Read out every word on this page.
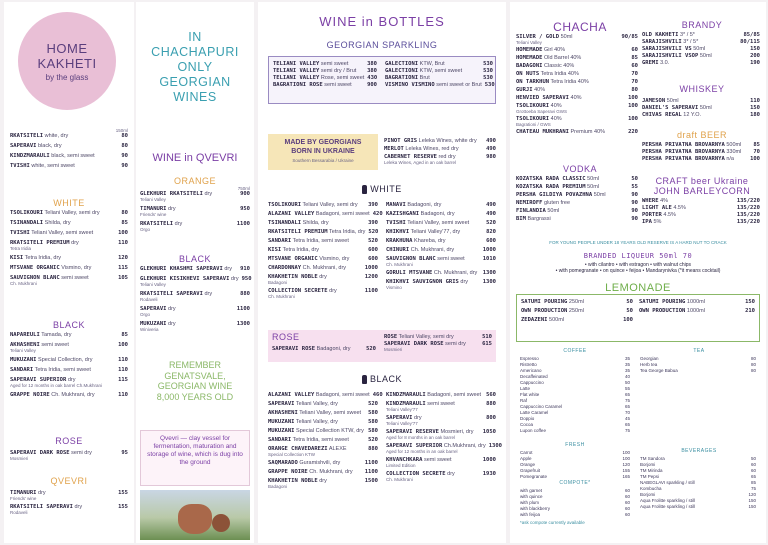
HOME
KAKHETI
by the glass
150ml
RKATSITELI white, dry	80
SAPERAVI black, dry	80
KINDZMARAULI black, semi sweet	90
TVISHI white, semi sweet	90
WHITE
TSOLIKOURI Teliani Valley, semi dry	80
TSINANDALI Shilda, dry	85
TVISHI Teliani Valley, semi sweet	100
RKATSITELI PREMIUM dry	110
Tetra Iridia
KISI Tetra Iridia, dry	120
MTSVANE ORGANIC Vismino, dry	115
SAUVIGNON BLANC semi sweet	105
Ch. Mukhrani
BLACK
NAPAREULI Tamada, dry	85
AKHASHENI semi sweet	100
Teliani Valley
MUKUZANI Special Collection, dry	110
SANDARI Tetra Iridia, semi sweet	110
SAPERAVI SUPERIOR dry	115
Aged for 12 months in oak barrel Ch.Mukhrani
GRAPPE NOIRE Ch. Mukhrani, dry	110
ROSE
SAPERAVI DARK ROSE semi dry	95
Mosmieri
QVEVRI
TIMANURI dry	155
Friends' wine
RKATSITELI SAPERAVI dry	155
Rodaveli
IN
CHACHAPURI
ONLY
GEORGIAN
WINES
WINE in QVEVRI
ORANGE
750ml
GLEKHURI RKATSITELI dry	900
Teliani Valley
TIMANURI dry	950
Friends' wine
RKATSITELI dry	1100
Orgo
BLACK
GLEKHURI KHASHMI SAPERAVI dry 910
GLEKHURI KISIKHEVI SAPERAVI dry 950
Teliani Valley
RKATSITELI SAPERAVI dry	880
Rodaveli
SAPERAVI dry	1100
Orgo
MUKUZANI dry	1300
Winiveria
REMEMBER
GENATSVALE,
GEORGIAN WINE
8,000 YEARS OLD
Qvevri — clay vessel for fermentation, maturation and storage of wine, which is dug into the ground
WINE in BOTTLES
GEORGIAN SPARKLING
TELIANI VALLEY semi sweet	380
TELIANI VALLEY semi dry / Brut 380
TELIANI VALLEY Rose, semi sweet 430
BAGRATIONI ROSE semi sweet	900
GALECTIONI KTW, Brut	530
GALECTIONI KTW, semi sweet	530
BAGRATIONI Brut	530
VISMINO VISMINO semi sweet or Brut 530
MADE BY GEORGIANS
BORN IN UKRAINE
Southern Bessarabia / Ukraine
PINOT GRIS Leleka Wines, white dry 490
MERLOT Leleka Wines, red dry	490
CABERNET RESERVE red dry	980
Leleka Wines, Aged in an oak barrel
WHITE
TSOLIKOURI Teliani Valley, semi dry 390
ALAZANI VALLEY Badagoni, semi sweet 420
TSINANDALI Shilda, dry	390
RKATSITELI PREMIUM Tetra Iridia, dry 520
SANDARI Tetra Iridia, semi sweet	520
KISI Tetra Iridia, dry	600
MTSVANE ORGANIC Vismino, dry	600
CHARDONNAY Ch. Mukhrani, dry	1000
KHAKHETIN NOBLE dry	1200
Badagoni
COLLECTION SECRETE dry	1100
Ch. Mukhrani
MANAVI Badagoni, dry	490
KAZISHGANI Badagoni, dry	490
TVISHI Teliani Valley, semi sweet	520
KHIKHVI Teliani Valley'77, dry	820
KRAKHUNA Khareba, dry	600
CHINURI Ch. Mukhrani, dry	1000
SAUVIGNON BLANC semi sweet	1010
Ch. Mukhrani
GORULI MTSVANE Ch. Mukhrani, dry 1300
KHIKHVI SAUVIGNON GRIS dry	1300
Vismino
ROSE
SAPERAVI ROSE Badagoni, dry	520
ROSE Teliani Valley, semi dry	510
SAPERAVI DARK ROSE semi dry	615
Mosmieri
BLACK
ALAZANI VALLEY Badagoni, semi sweet 460
SAPERAVI Teliani Valley, dry	520
AKHASHENI Teliani Valley, semi sweet 580
MUKUZANI Teliani Valley, dry	580
MUKUZANI Special Collection KTW, dry 580
SANDARI Tetra Iridia, semi sweet	520
ORANGE CHAVEDAREZI ALEXE	880
Special Collection KTW
SAQMARADO Guramishvili, dry	1100
GRAPPE NOIRE Ch. Mukhrani, dry 1100
KHAKHETIN NOBLE dry	1500
Badagoni
KINDZMARAULI Badagoni, semi sweet 560
KINDZMARAULI semi sweet	880
Teliani Valley'77
SAPERAVI dry	800
Teliani Valley'77
SAPERAVI RESERVE Mosmieri, dry 1050
Aged for 8 months in an oak barrel
SAPERAVI SUPERIOR Ch.Mukhrani, dry 1300
Aged for 12 months in an oak barrel
KHVANCHKARA semi sweet	1000
Limited Edition
COLLECTION SECRETE dry	1930
Ch. Mukhrani
CHACHA
SILVER / GOLD 50ml	90/85
Teliani Valley
HOMEMADE Girl 40%	60
HOMEMADE Old Barrel 40%	85
BADAGONI Classic 40%	60
ON NUTS Tetra Iridia 40%	70
ON TARKHUN Tetra Iridia 40%	70
GURJI 40%	80
HENVIED SAPERAVI 40%	100
TSOLIKOURI 40%	100
Grottoeba Saperavi GWS
TSOLIKOURI 40%	100
Bagrationi / GWS
CHATEAU MUKHRANI Premium 40%	220
BRANDY
OLD KAKHETI 3* / 5*	85/85
SARAJISHVILI 3* / 5*	80/115
SARAJISHVILI VS 50ml	150
SARAJISHVILI VSOP 50ml	200
GREMI 3.0.	190
WHISKEY
JAMESON 50ml	110
DANIEL'S SAPERAVI 50ml	150
CHIVAS REGAL 12 Y.O.	180
draft BEER
PERSHA PRIVATNA BROVARNYA 500ml 85
PERSHA PRIVATNA BROVARNYA 330ml 70
PERSHA PRIVATNA BROVARNYA n/a	100
VODKA
KOZATSKA RADA CLASSIC 50ml	50
KOZATSKA RADA PREMIUM 50ml	55
PERSHA GILDIYA POVAZHNA 50ml	90
NEMIROFF gluten free	90
FINLANDIA 50ml	90
BIM Bargrassi	90
CRAFT beer Ukraine
JOHN BARLEYCORN
WHERE 4%	135/220
LIGHT ALE 4.5%	135/220
PORTER 4.5%	135/220
IPA 5%	135/220
FOR YOUNG PEOPLE UNDER 18 YEARS OLD RESERVE IS A HARD NUT TO CRACK
BRANDED LIQUEUR 50ml 70
• with cilantro • with estragon • with walnut chips
• with pomegranate • on quince • feijoa • Mandarynivka (*it means cocktail)
LEMONADE
SATUMI POURING 250ml	50
OWN PRODUCTION 250ml	50
ZEDAZENI 500ml	100
SATUMI POURING 1000ml	150
OWN PRODUCTION 1000ml	210
COFFEE
Espresso	35
Ristretto	35
Americano	35
Decaffeinated	40
Cappuccino	50
Latte	55
Flat white	65
Raf	75
Cappuccino Caramel	65
Latte Caramel	70
Doppio	45
Cocoa	65
Lupon coffee	75
FRESH
Carrot	100
Apple	100
Orange	120
Grapefruit	155
Pomegranate	165
COMPOTE*
with garnet	60
with quince	60
with plum	60
with blackberry	60
with feijoa	60
*ask compote currently available
TEA
Georgian	80
Herb tea	80
Tea George Babua	80
BEVERAGES
TM Sandora	50
Borjomi	60
TM Mirinda	60
TM Pepsi	65
NABEGLAVI sparkling / still	85
Kombucha	75
Borjomi	120
Aqua Frolitte sparkling / still	150
Aqua Frolitte sparkling / still	150
